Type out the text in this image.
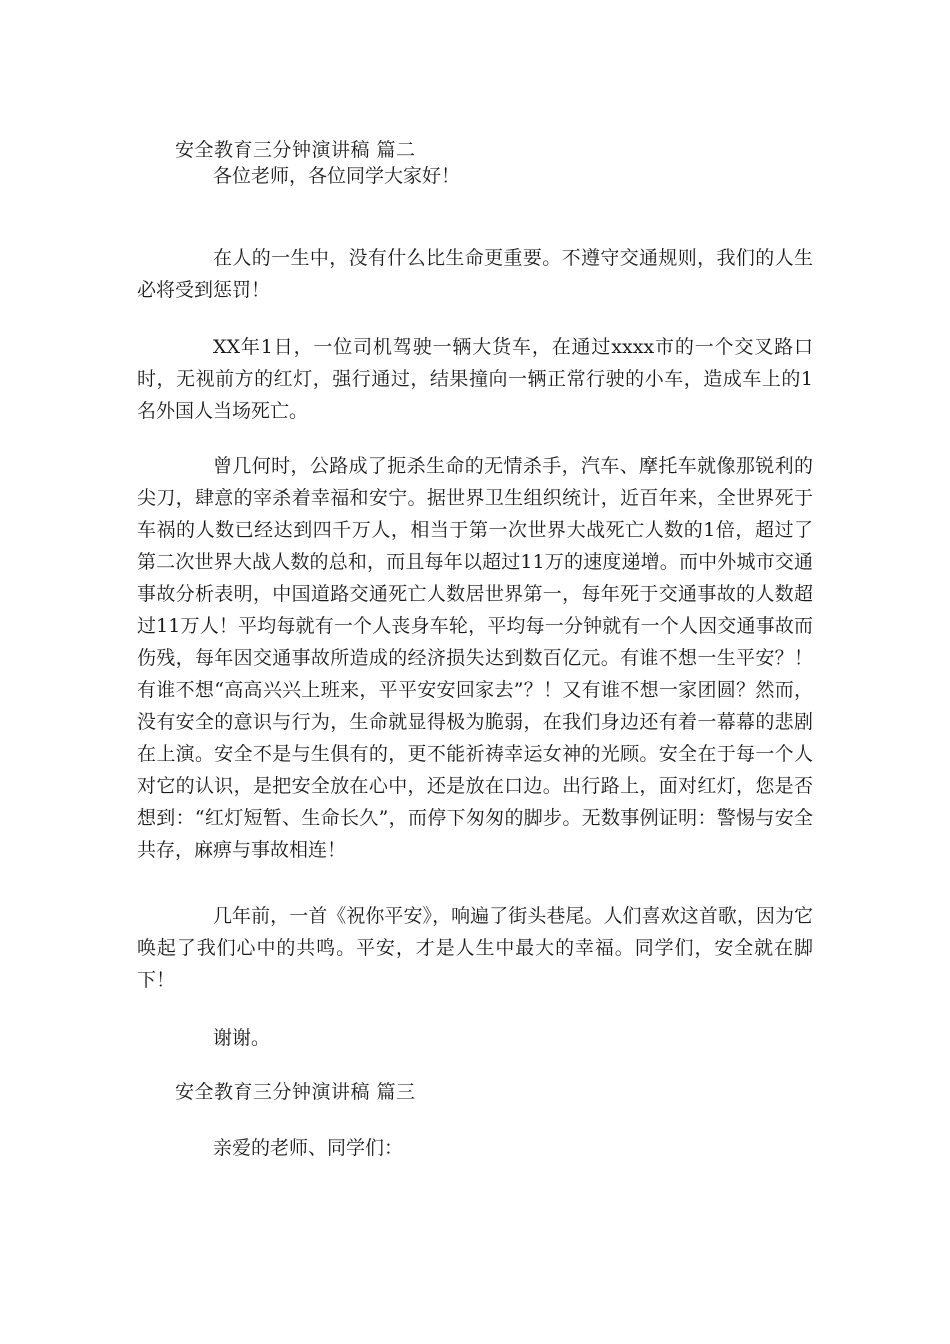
安全教育三分钟演讲稿 篇二
各位老师，各位同学大家好！

在人的一生中，没有什么比生命更重要。不遵守交通规则，我们的人生必将受到惩罚！

XX年1日，一位司机驾驶一辆大货车，在通过xxxx市的一个交叉路口时，无视前方的红灯，强行通过，结果撞向一辆正常行驶的小车，造成车上的1名外国人当场死亡。

曾几何时，公路成了扼杀生命的无情杀手，汽车、摩托车就像那锐利的尖刀，肆意的宰杀着幸福和安宁。据世界卫生组织统计，近百年来，全世界死于车祸的人数已经达到四千万人，相当于第一次世界大战死亡人数的1倍，超过了第二次世界大战人数的总和，而且每年以超过11万的速度递增。而中外城市交通事故分析表明，中国道路交通死亡人数居世界第一，每年死于交通事故的人数超过11万人！平均每就有一个人丧身车轮，平均每一分钟就有一个人因交通事故而伤残，每年因交通事故所造成的经济损失达到数百亿元。有谁不想一生平安？！有谁不想“高高兴兴上班来，平平安安回家去”？！又有谁不想一家团圆？然而，没有安全的意识与行为，生命就显得极为脆弱，在我们身边还有着一幕幕的悲剧在上演。安全不是与生俱有的，更不能祈祷幸运女神的光顾。安全在于每一个人对它的认识，是把安全放在心中，还是放在口边。出行路上，面对红灯，您是否想到：“红灯短暂、生命长久”，而停下匆匆的脚步。无数事例证明：警惕与安全共存，麻痹与事故相连！

几年前，一首《祝你平安》，响遍了街头巷尾。人们喜欢这首歌，因为它唤起了我们心中的共鸣。平安，才是人生中最大的幸福。同学们，安全就在脚下！

谢谢。
安全教育三分钟演讲稿 篇三
亲爱的老师、同学们：
